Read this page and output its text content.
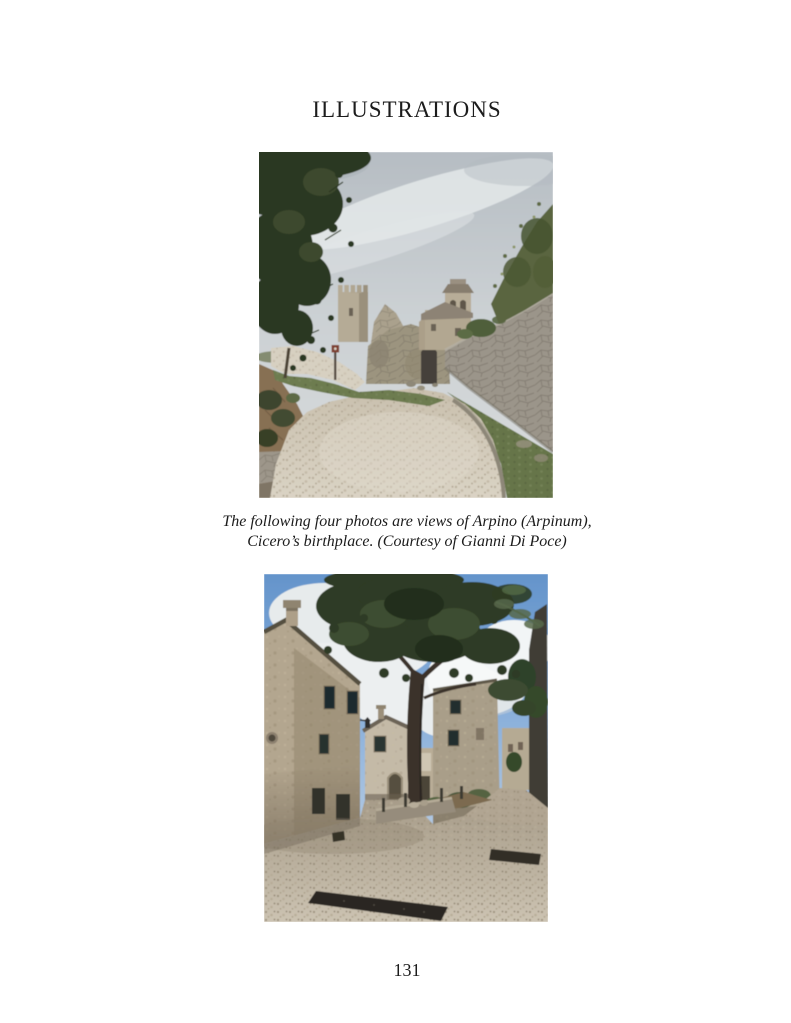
ILLUSTRATIONS
The following four photos are views of Arpino (Arpinum),
Cicero’s birthplace. (Courtesy of Gianni Di Poce)
131
